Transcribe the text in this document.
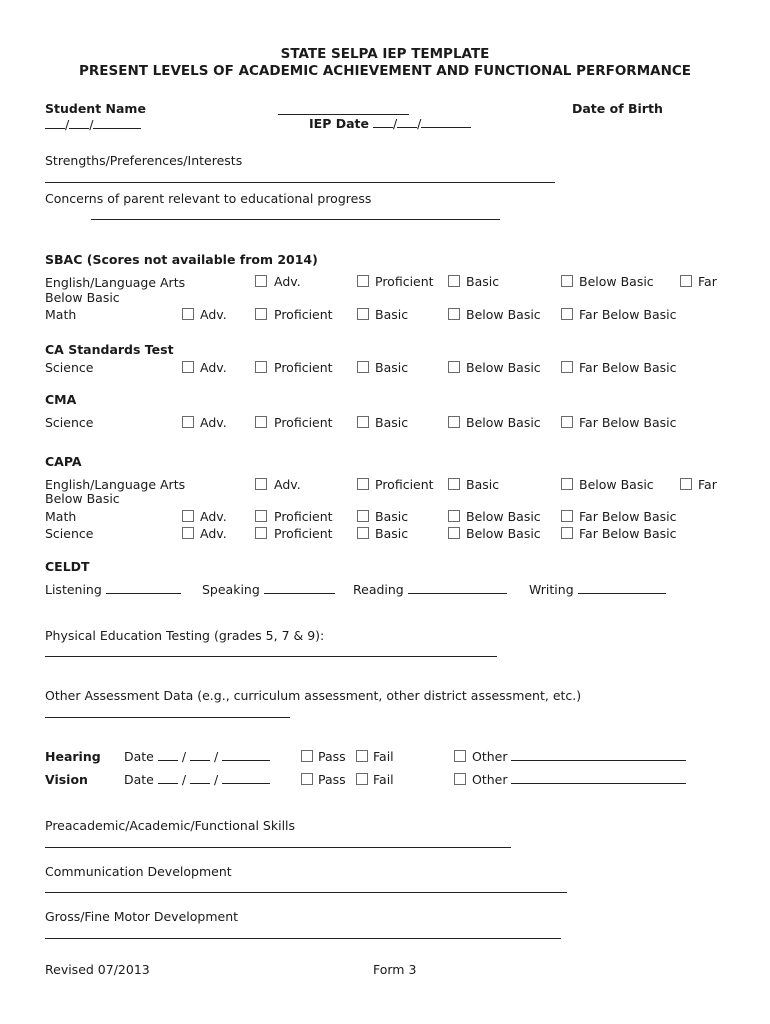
STATE SELPA IEP TEMPLATE
PRESENT LEVELS OF ACADEMIC ACHIEVEMENT AND FUNCTIONAL PERFORMANCE
Student Name	Date of Birth
/ /	IEP Date / /
Strengths/Preferences/Interests
Concerns of parent relevant to educational progress
SBAC (Scores not available from 2014)
English/Language Arts	Adv.	Proficient	Basic	Below Basic	Far
Below Basic
Math	Adv.	Proficient	Basic	Below Basic	Far Below Basic
CA Standards Test
Science	Adv.	Proficient	Basic	Below Basic	Far Below Basic
CMA
Science	Adv.	Proficient	Basic	Below Basic	Far Below Basic
CAPA
English/Language Arts	Adv.	Proficient	Basic	Below Basic	Far
Below Basic
Math	Adv.	Proficient	Basic	Below Basic	Far Below Basic
Science	Adv.	Proficient	Basic	Below Basic	Far Below Basic
CELDT
Listening	Speaking	Reading	Writing
Physical Education Testing (grades 5, 7 & 9):
Other Assessment Data (e.g., curriculum assessment, other district assessment, etc.)
Hearing Date  /  /	Pass Fail	Other
Vision	Date  /  /	Pass Fail	Other
Preacademic/Academic/Functional Skills
Communication Development
Gross/Fine Motor Development
Revised 07/2013	Form 3
